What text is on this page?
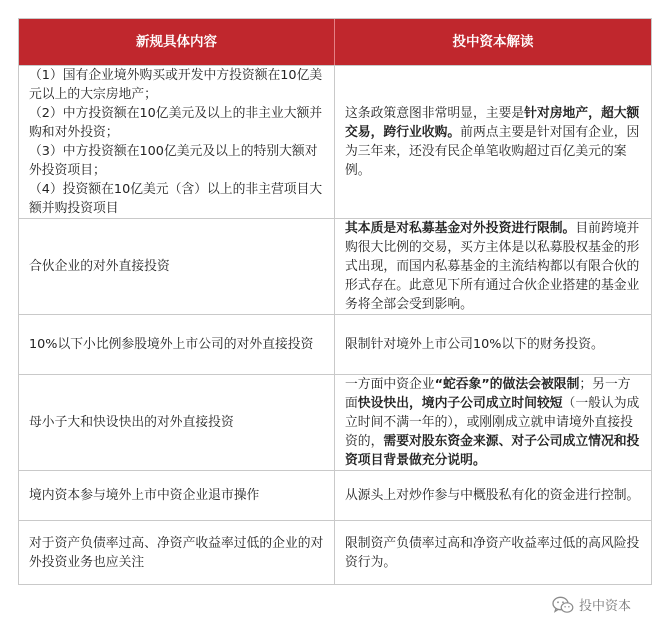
新规具体内容	投中资本解读
（1）国有企业境外购买或开发中方投资额在10亿美元以上的大宗房地产；
（2）中方投资额在10亿美元及以上的非主业大额并购和对外投资；
（3）中方投资额在100亿美元及以上的特别大额对外投资项目；
（4）投资额在10亿美元（含）以上的非主营项目大额并购投资项目
这条政策意图非常明显，主要是针对房地产，超大额交易，跨行业收购。前两点主要是针对国有企业，因为三年来，还没有民企单笔收购超过百亿美元的案例。
合伙企业的对外直接投资
其本质是对私募基金对外投资进行限制。目前跨境并购很大比例的交易，买方主体是以私募股权基金的形式出现，而国内私募基金的主流结构都以有限合伙的形式存在。此意见下所有通过合伙企业搭建的基金业务将全部会受到影响。
10%以下小比例参股境外上市公司的对外直接投资 限制针对境外上市公司10%以下的财务投资。
母小子大和快设快出的对外直接投资
一方面中资企业“蛇吞象”的做法会被限制；另一方面快设快出，境内子公司成立时间较短（一般认为成立时间不满一年的），或刚刚成立就申请境外直接投资的，需要对股东资金来源、对子公司成立情况和投资项目背景做充分说明。
境内资本参与境外上市中资企业退市操作	从源头上对炒作参与中概股私有化的资金进行控制。
对于资产负债率过高、净资产收益率过低的企业的对外投资业务也应关注
限制资产负债率过高和净资产收益率过低的高风险投资行为。
投中资本
